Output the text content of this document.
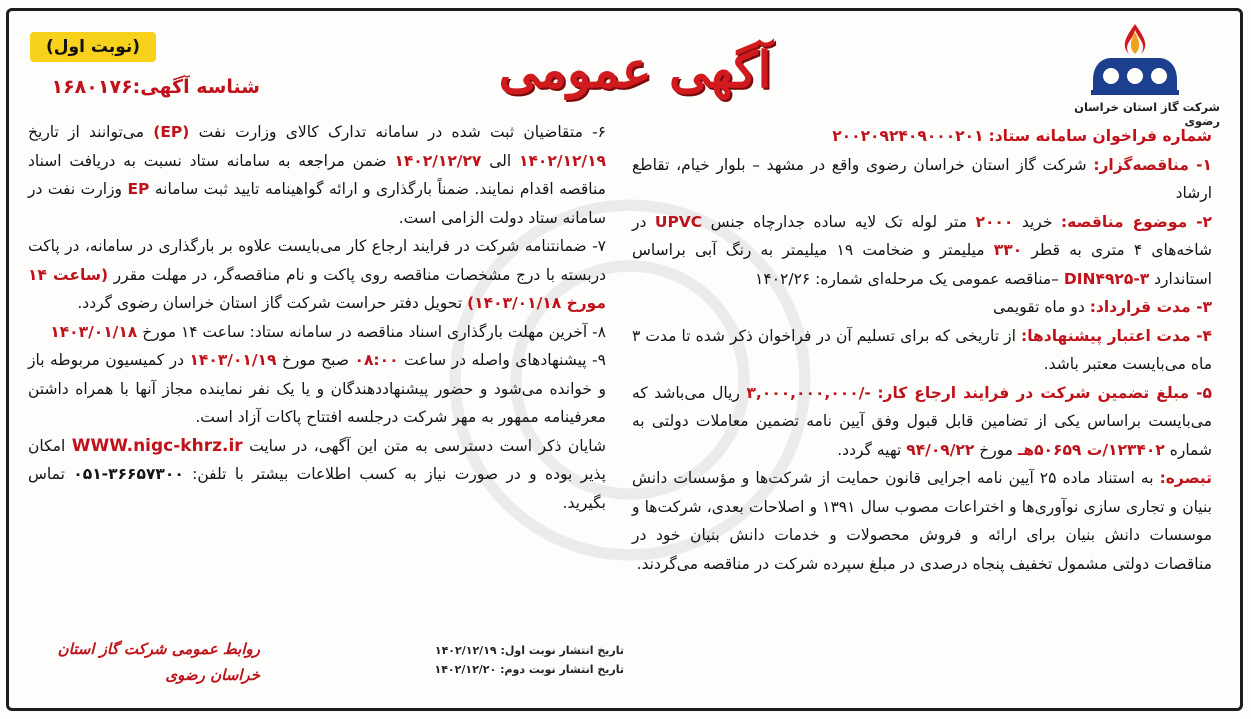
شرکت گاز استان خراسان رضوی
آگهی عمومی
(نوبت اول)
شناسه آگهی:۱۶۸۰۱۷۶

شماره فراخوان سامانه ستاد: ۲۰۰۲۰۹۲۴۰۹۰۰۰۲۰۱

۱- مناقصه‌گزار: شرکت گاز استان خراسان رضوی واقع در مشهد – بلوار خیام، تقاطع ارشاد

۲- موضوع مناقصه: خرید ۲۰۰۰ متر لوله تک لایه ساده جدارچاه جنس UPVC در شاخه‌های ۴ متری به قطر ۳۳۰ میلیمتر و ضخامت ۱۹ میلیمتر به رنگ آبی براساس استاندارد DIN۴۹۲۵-۳ –مناقصه عمومی یک مرحله‌ای شماره: ۱۴۰۲/۲۶

۳- مدت قرارداد: دو ماه تقویمی

۴- مدت اعتبار پیشنهادها: از تاریخی که برای تسلیم آن در فراخوان ذکر شده تا مدت ۳ ماه می‌بایست معتبر باشد.

۵- مبلغ تضمین شرکت در فرایند ارجاع کار: -/۳,۰۰۰,۰۰۰,۰۰۰ ریال می‌باشد که می‌بایست براساس یکی از تضامین قابل قبول وفق آیین نامه تضمین معاملات دولتی به شماره ۱۲۳۴۰۲/ت ۵۰۶۵۹هـ مورخ ۹۴/۰۹/۲۲ تهیه گردد.

تبصره: به استناد ماده ۲۵ آیین نامه اجرایی قانون حمایت از شرکت‌ها و مؤسسات دانش بنیان و تجاری سازی نوآوری‌ها و اختراعات مصوب سال ۱۳۹۱ و اصلاحات بعدی، شرکت‌ها و موسسات دانش بنیان برای ارائه و فروش محصولات و خدمات دانش بنیان خود در مناقصات دولتی مشمول تخفیف پنجاه درصدی در مبلغ سپرده شرکت در مناقصه می‌گردند.

۶- متقاضیان ثبت شده در سامانه تدارک کالای وزارت نفت (EP) می‌توانند از تاریخ ۱۴۰۲/۱۲/۱۹ الی ۱۴۰۲/۱۲/۲۷ ضمن مراجعه به سامانه ستاد نسبت به دریافت اسناد مناقصه اقدام نمایند. ضمناً بارگذاری و ارائه گواهینامه تایید ثبت سامانه EP وزارت نفت در سامانه ستاد دولت الزامی است.

۷- ضمانتنامه شرکت در فرایند ارجاع کار می‌بایست علاوه بر بارگذاری در سامانه، در پاکت دربسته با درج مشخصات مناقصه روی پاکت و نام مناقصه‌گر، در مهلت مقرر (ساعت ۱۴ مورخ ۱۴۰۳/۰۱/۱۸) تحویل دفتر حراست شرکت گاز استان خراسان رضوی گردد.

۸- آخرین مهلت بارگذاری اسناد مناقصه در سامانه ستاد: ساعت ۱۴ مورخ ۱۴۰۳/۰۱/۱۸

۹- پیشنهادهای واصله در ساعت ۰۸:۰۰ صبح مورخ ۱۴۰۳/۰۱/۱۹ در کمیسیون مربوطه باز و خوانده می‌شود و حضور پیشنهاددهندگان و یا یک نفر نماینده مجاز آنها با همراه داشتن معرفینامه ممهور به مهر شرکت درجلسه افتتاح پاکات آزاد است.

شایان ذکر است دسترسی به متن این آگهی، در سایت WWW.nigc-khrz.ir امکان پذیر بوده و در صورت نیاز به کسب اطلاعات بیشتر با تلفن: ۳۶۶۵۷۳۰۰-۰۵۱ تماس بگیرید.

تاریخ انتشار نوبت اول: ۱۴۰۲/۱۲/۱۹
تاریخ انتشار نوبت دوم: ۱۴۰۲/۱۲/۲۰
روابط عمومی شرکت گاز استان
خراسان رضوی
